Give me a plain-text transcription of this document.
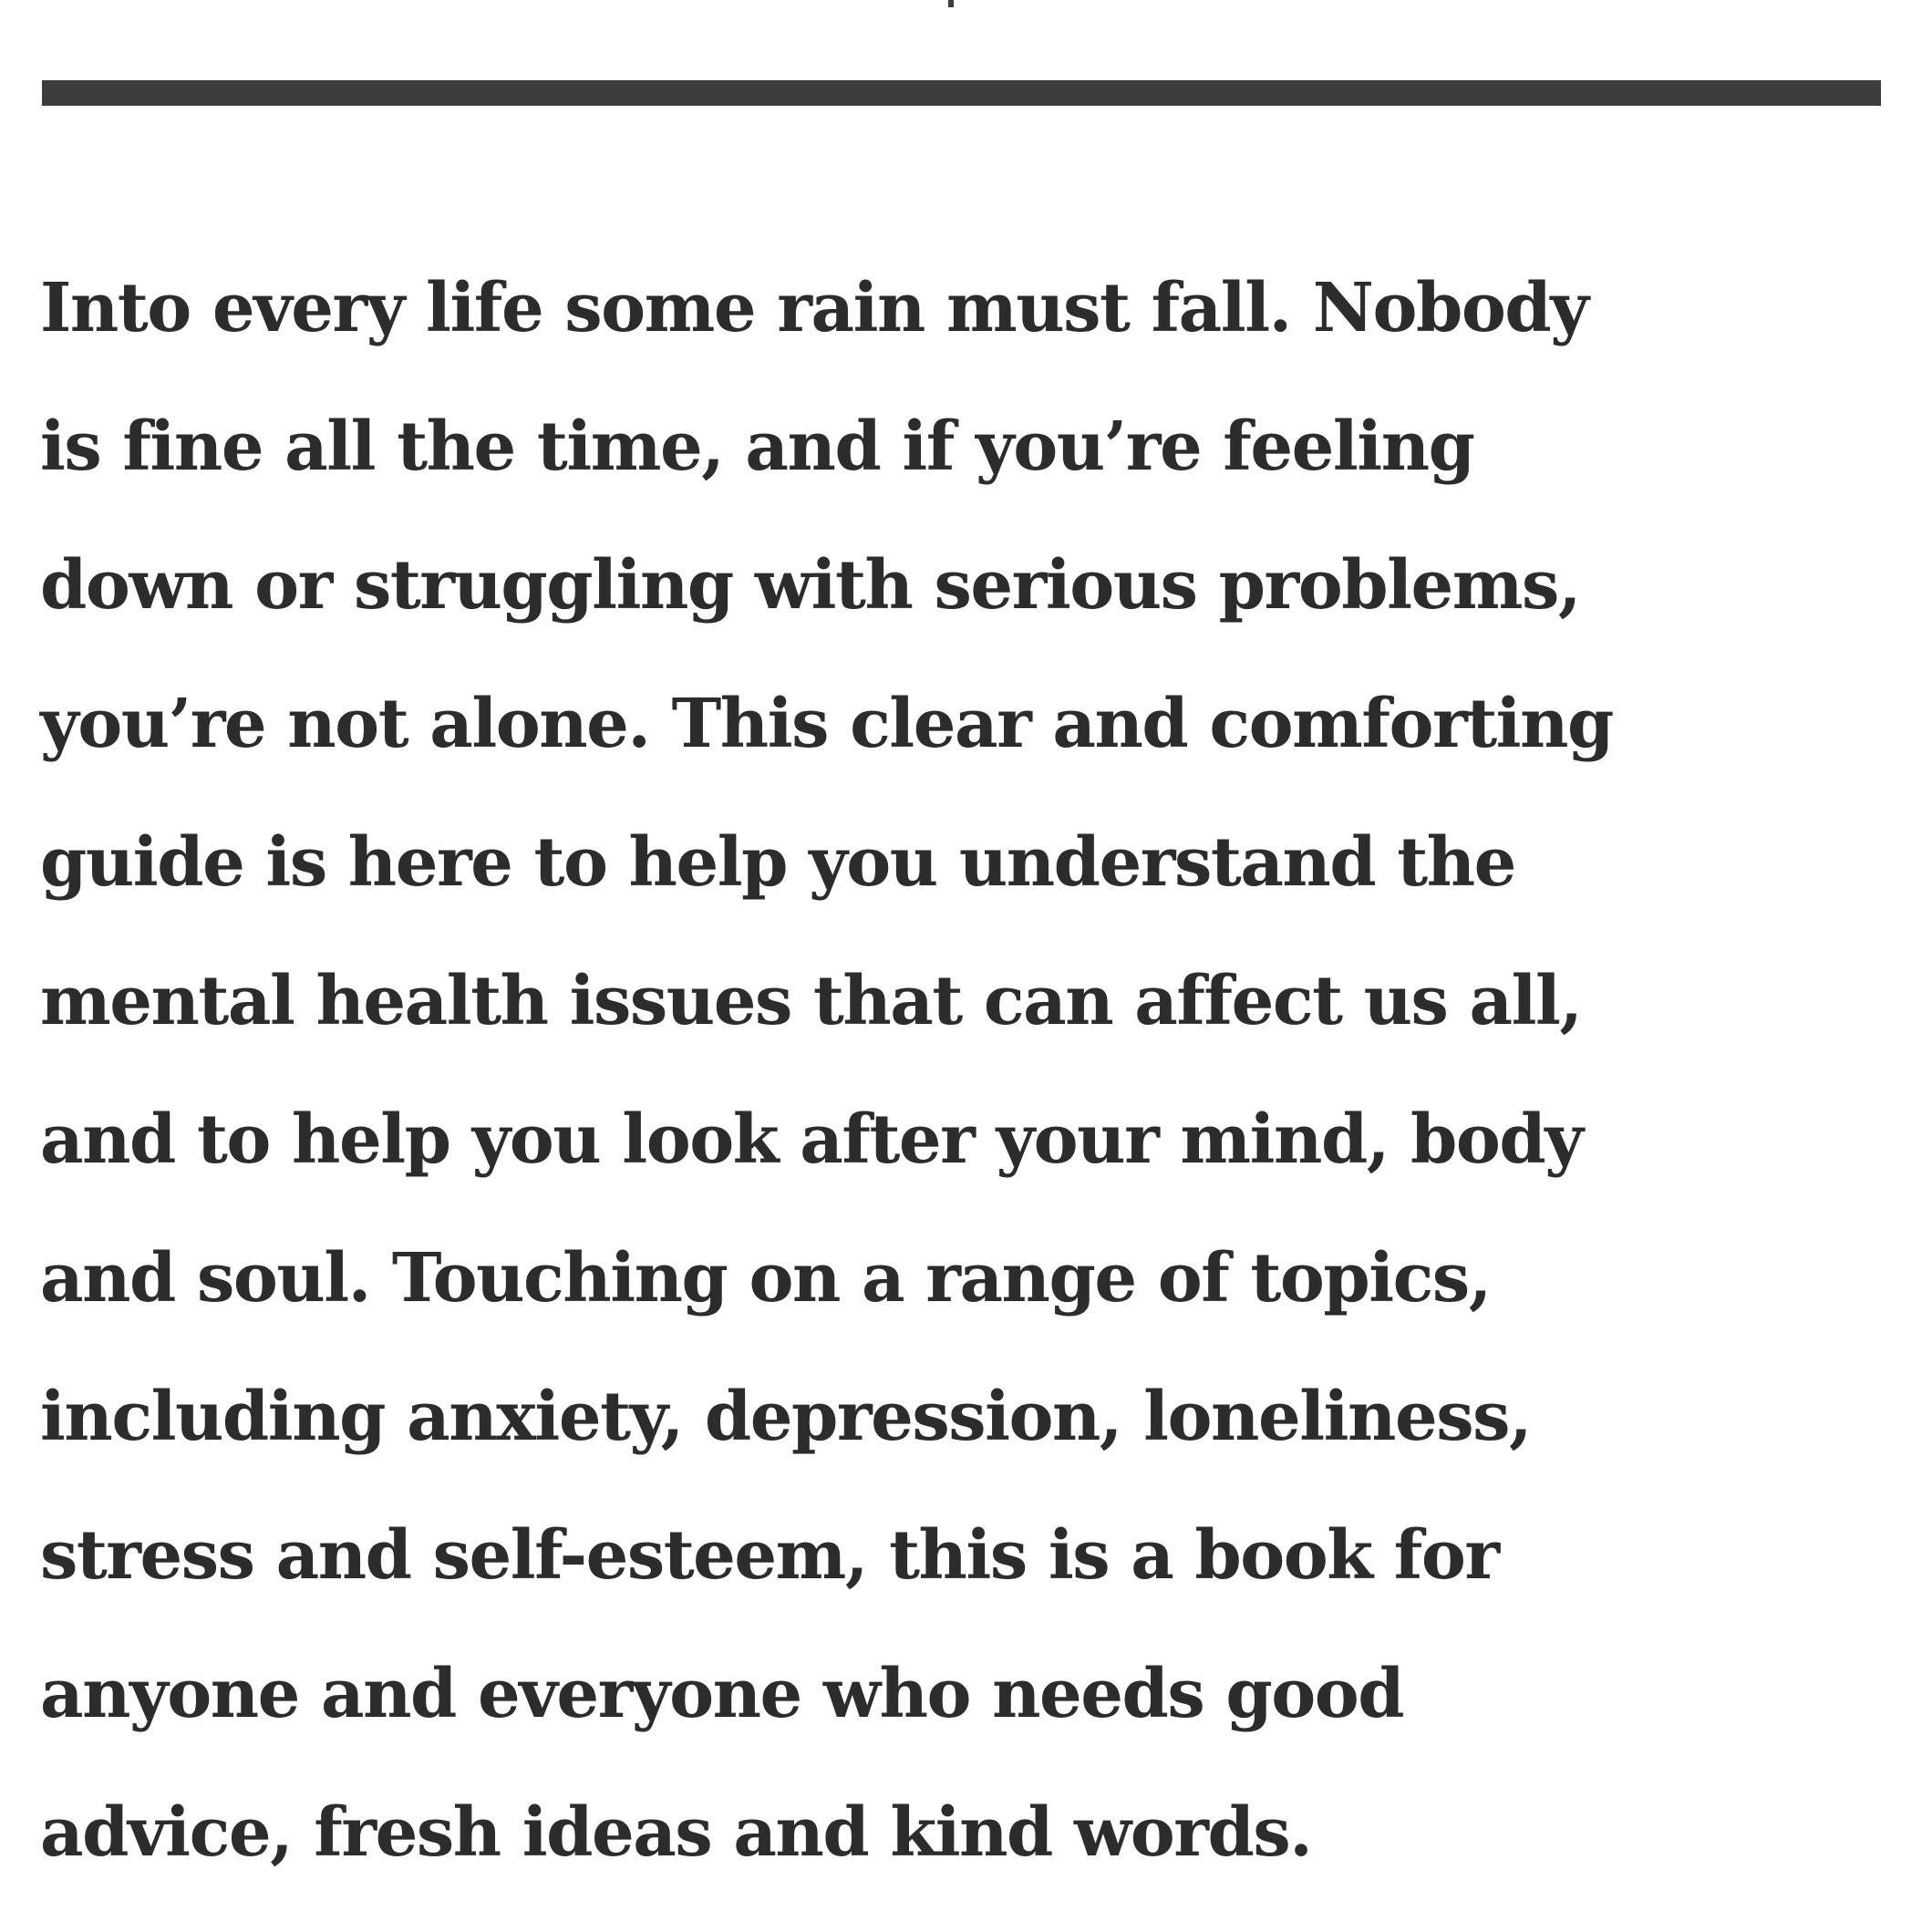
Into every life some rain must fall. Nobody
is fine all the time, and if you’re feeling
down or struggling with serious problems,
you’re not alone. This clear and comforting
guide is here to help you understand the
mental health issues that can affect us all,
and to help you look after your mind, body
and soul. Touching on a range of topics,
including anxiety, depression, loneliness,
stress and self-esteem, this is a book for
anyone and everyone who needs good
advice, fresh ideas and kind words.
